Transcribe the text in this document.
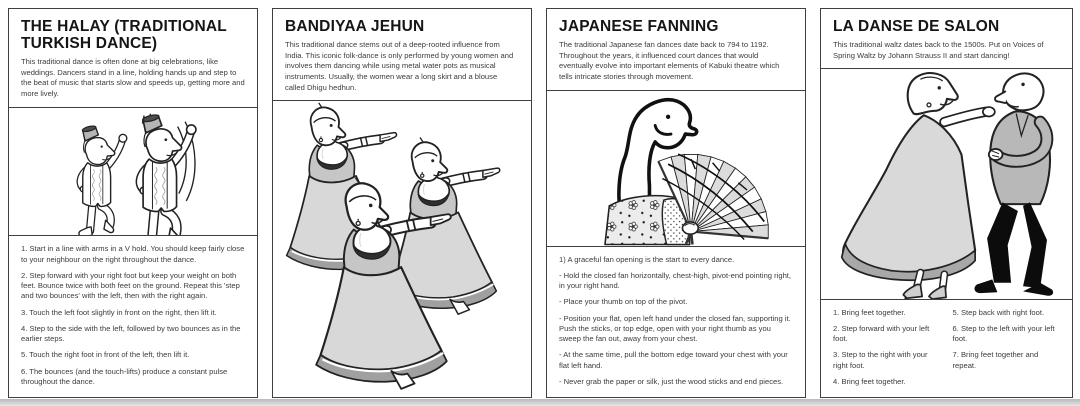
THE HALAY (TRADITIONAL TURKISH DANCE)

This traditional dance is often done at big celebrations, like weddings. Dancers stand in a line, holding hands up and step to the beat of music that starts slow and speeds up, getting more and more lively.

1. Start in a line with arms in a V hold. You should keep fairly close to your neighbour on the right throughout the dance.

2. Step forward with your right foot but keep your weight on both feet. Bounce twice with both feet on the ground. Repeat this 'step and two bounces' with the left, then with the right again.

3. Touch the left foot slightly in front on the right, then lift it.

4. Step to the side with the left, followed by two bounces as in the earlier steps.

5. Touch the right foot in front of the left, then lift it.

6. The bounces (and the touch-lifts) produce a constant pulse throughout the dance.

BANDIYAA JEHUN

This traditional dance stems out of a deep-rooted influence from India. This iconic folk-dance is only performed by young women and involves them dancing while using metal water pots as musical instruments. Usually, the women wear a long skirt and a blouse called Dhigu hedhun.

JAPANESE FANNING

The traditional Japanese fan dances date back to 794 to 1192. Throughout the years, it influenced court dances that would eventually evolve into important elements of Kabuki theatre which tells intricate stories through movement.

1) A graceful fan opening is the start to every dance.

- Hold the closed fan horizontally, chest-high, pivot-end pointing right, in your right hand.

- Place your thumb on top of the pivot.

- Position your flat, open left hand under the closed fan, supporting it. Push the sticks, or top edge, open with your right thumb as you sweep the fan out, away from your chest.

- At the same time, pull the bottom edge toward your chest with your flat left hand.

- Never grab the paper or silk, just the wood sticks and end pieces.

LA DANSE DE SALON

This traditional waltz dates back to the 1500s. Put on Voices of Spring Waltz by Johann Strauss II and start dancing!

1. Bring feet together.

2. Step forward with your left foot.

3. Step to the right with your right foot.

4. Bring feet together.

5. Step back with right foot.

6. Step to the left with your left foot.

7. Bring feet together and repeat.
